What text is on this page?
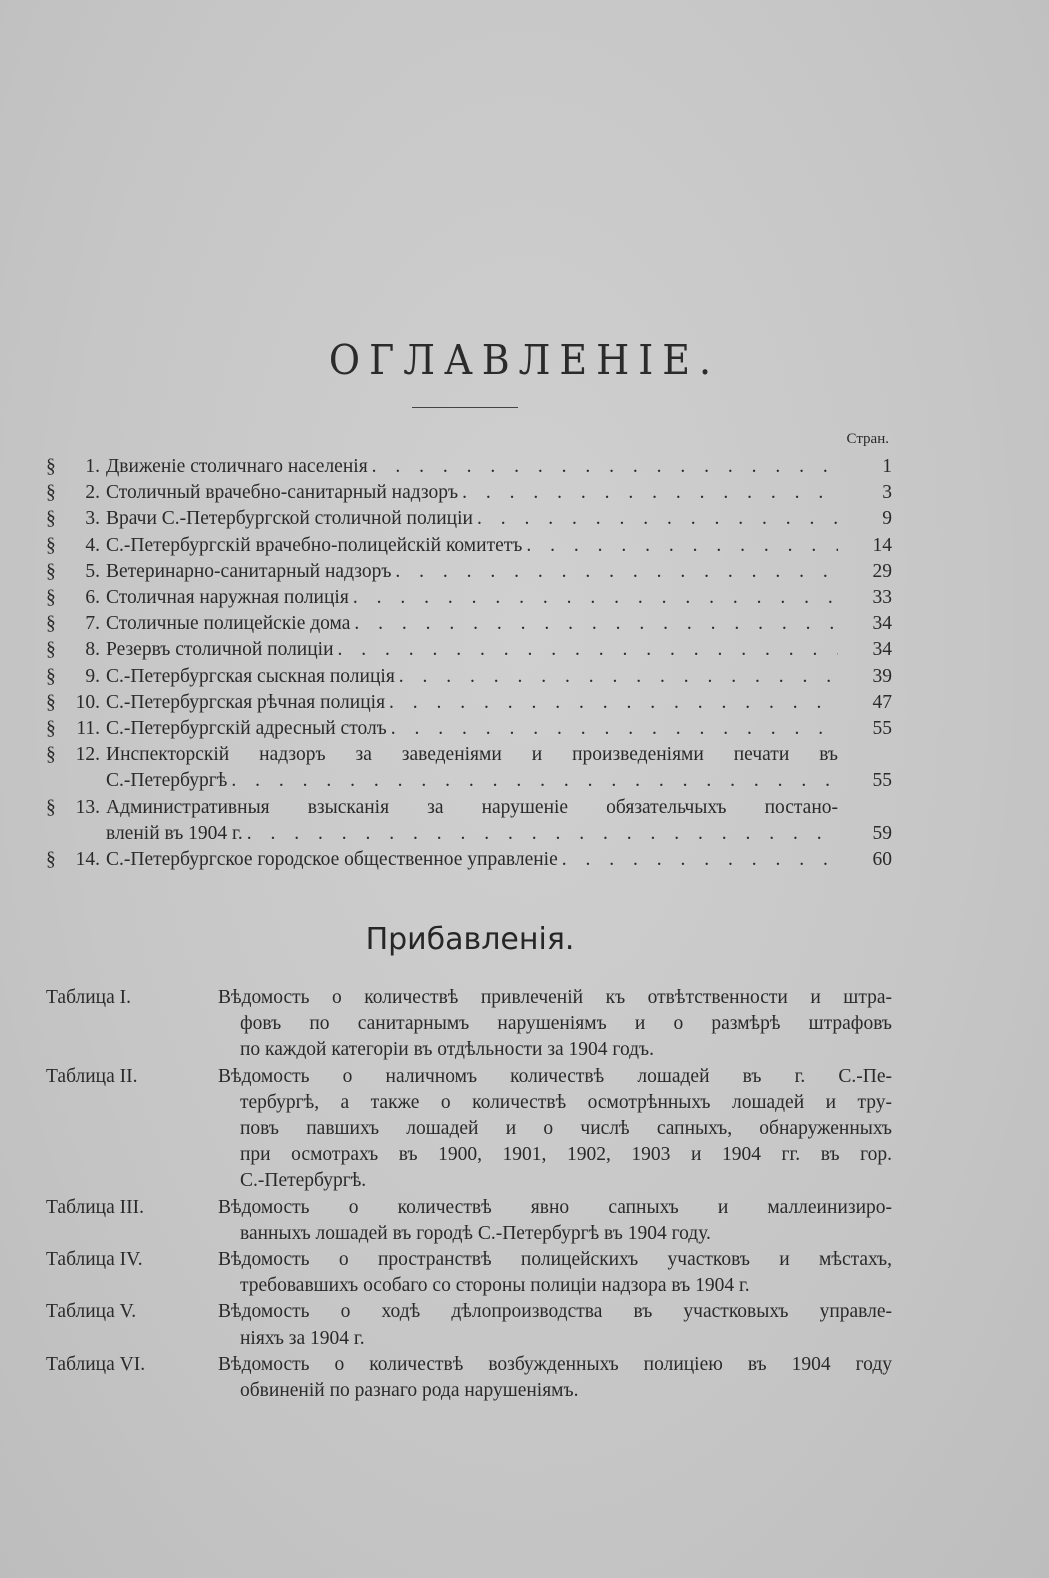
ОГЛАВЛЕНІЕ.
Стран.
§	1. Движеніе столичнаго населенія . . .	1
§	2. Столичный врачебно-санитарный надзоръ . . .	3
§	3. Врачи С.-Петербургской столичной полиціи . . .	9
§	4. С.-Петербургскій врачебно-полицейскій комитетъ . . .	14
§	5. Ветеринарно-санитарный надзоръ . . .	29
§	6. Столичная наружная полиція . . .	33
§	7. Столичные полицейскіе дома . . .	34
§	8. Резервъ столичной полиціи . . .	34
§	9. С.-Петербургская сыскная полиція . . .	39
§	10. С.-Петербургская рѣчная полиція . . .	47
§	11. С.-Петербургскій адресный столъ . . .	55
§	12. Инспекторскій надзоръ за заведеніями и произведеніями печати въ
С.-Петербургѣ . . .	55
§	13. Административныя взысканія за нарушеніе обязательчыхъ постано-
вленій въ 1904 г. . . .	59
§	14. С.-Петербургское городское общественное управленіе . . .	60
Прибавленія.
Таблица I.	Вѣдомость о количествѣ привлеченій къ отвѣтственности и штра-
фовъ по санитарнымъ нарушеніямъ и о размѣрѣ штрафовъ
по каждой категоріи въ отдѣльности за 1904 годъ.
Таблица II.	Вѣдомость о наличномъ количествѣ лошадей въ г. С.-Пе-
тербургѣ, а также о количествѣ осмотрѣнныхъ лошадей и тру-
повъ павшихъ лошадей и о числѣ сапныхъ, обнаруженныхъ
при осмотрахъ въ 1900, 1901, 1902, 1903 и 1904 гг. въ гор.
С.-Петербургѣ.
Таблица III.	Вѣдомость о количествѣ явно сапныхъ и маллеинизиро-
ванныхъ лошадей въ городѣ С.-Петербургѣ въ 1904 году.
Таблица IV.	Вѣдомость о пространствѣ полицейскихъ участковъ и мѣстахъ,
требовавшихъ особаго со стороны полиціи надзора въ 1904 г.
Таблица V.	Вѣдомость о ходѣ дѣлопроизводства въ участковыхъ управле-
ніяхъ за 1904 г.
Таблица VI.	Вѣдомость о количествѣ возбужденныхъ полиціею въ 1904 году
обвиненій по разнаго рода нарушеніямъ.
